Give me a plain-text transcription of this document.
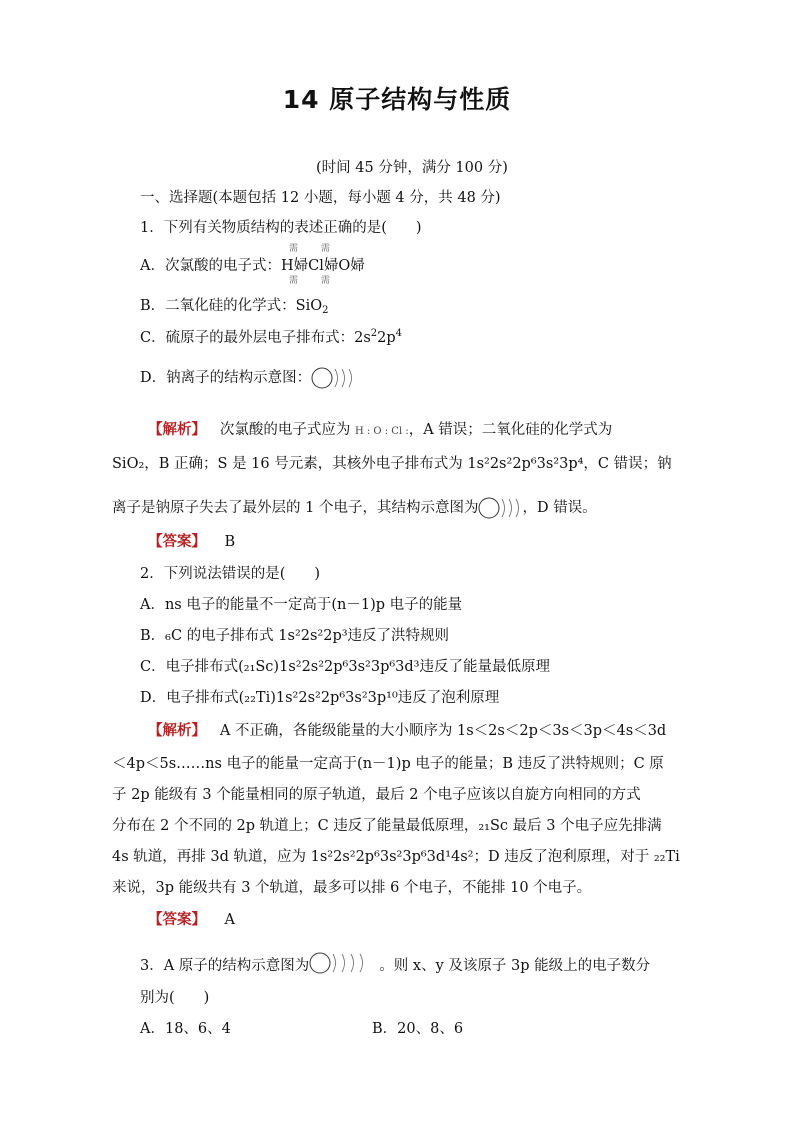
14 原子结构与性质
(时间 45 分钟，满分 100 分)
一、选择题(本题包括 12 小题，每小题 4 分，共 48 分)
1．下列有关物质结构的表述正确的是(　　)
A．次氯酸的电子式：
需 需
H婦Cl婦O婦
需 需
B．二氧化硅的化学式：SiO$_2$
C．硫原子的最外层电子排布式：$2s^22p^4$
D．钠离子的结构示意图：
【解析】 次氯酸的电子式应为 H : O : Cl :，A 错误；二氧化硅的化学式为
SiO₂，B 正确；S 是 16 号元素，其核外电子排布式为 1s²2s²2p⁶3s²3p⁴，C 错误；钠
离子是钠原子失去了最外层的 1 个电子，其结构示意图为	，D 错误。
【答案】 B
2．下列说法错误的是(　　)
A．ns 电子的能量不一定高于(n－1)p 电子的能量
B．₆C 的电子排布式 1s²2s²2p³违反了洪特规则
C．电子排布式(₂₁Sc)1s²2s²2p⁶3s²3p⁶3d³违反了能量最低原理
D．电子排布式(₂₂Ti)1s²2s²2p⁶3s²3p¹⁰违反了泡利原理
【解析】 A 不正确，各能级能量的大小顺序为 1s＜2s＜2p＜3s＜3p＜4s＜3d
＜4p＜5s……ns 电子的能量一定高于(n－1)p 电子的能量；B 违反了洪特规则；C 原
子 2p 能级有 3 个能量相同的原子轨道，最后 2 个电子应该以自旋方向相同的方式
分布在 2 个不同的 2p 轨道上；C 违反了能量最低原理，₂₁Sc 最后 3 个电子应先排满
4s 轨道，再排 3d 轨道，应为 1s²2s²2p⁶3s²3p⁶3d¹4s²；D 违反了泡利原理，对于 ₂₂Ti
来说，3p 能级共有 3 个轨道，最多可以排 6 个电子，不能排 10 个电子。
【答案】 A
3．A 原子的结构示意图为	。则 x、y 及该原子 3p 能级上的电子数分
别为(　　)
A．18、6、4	B．20、8、6
